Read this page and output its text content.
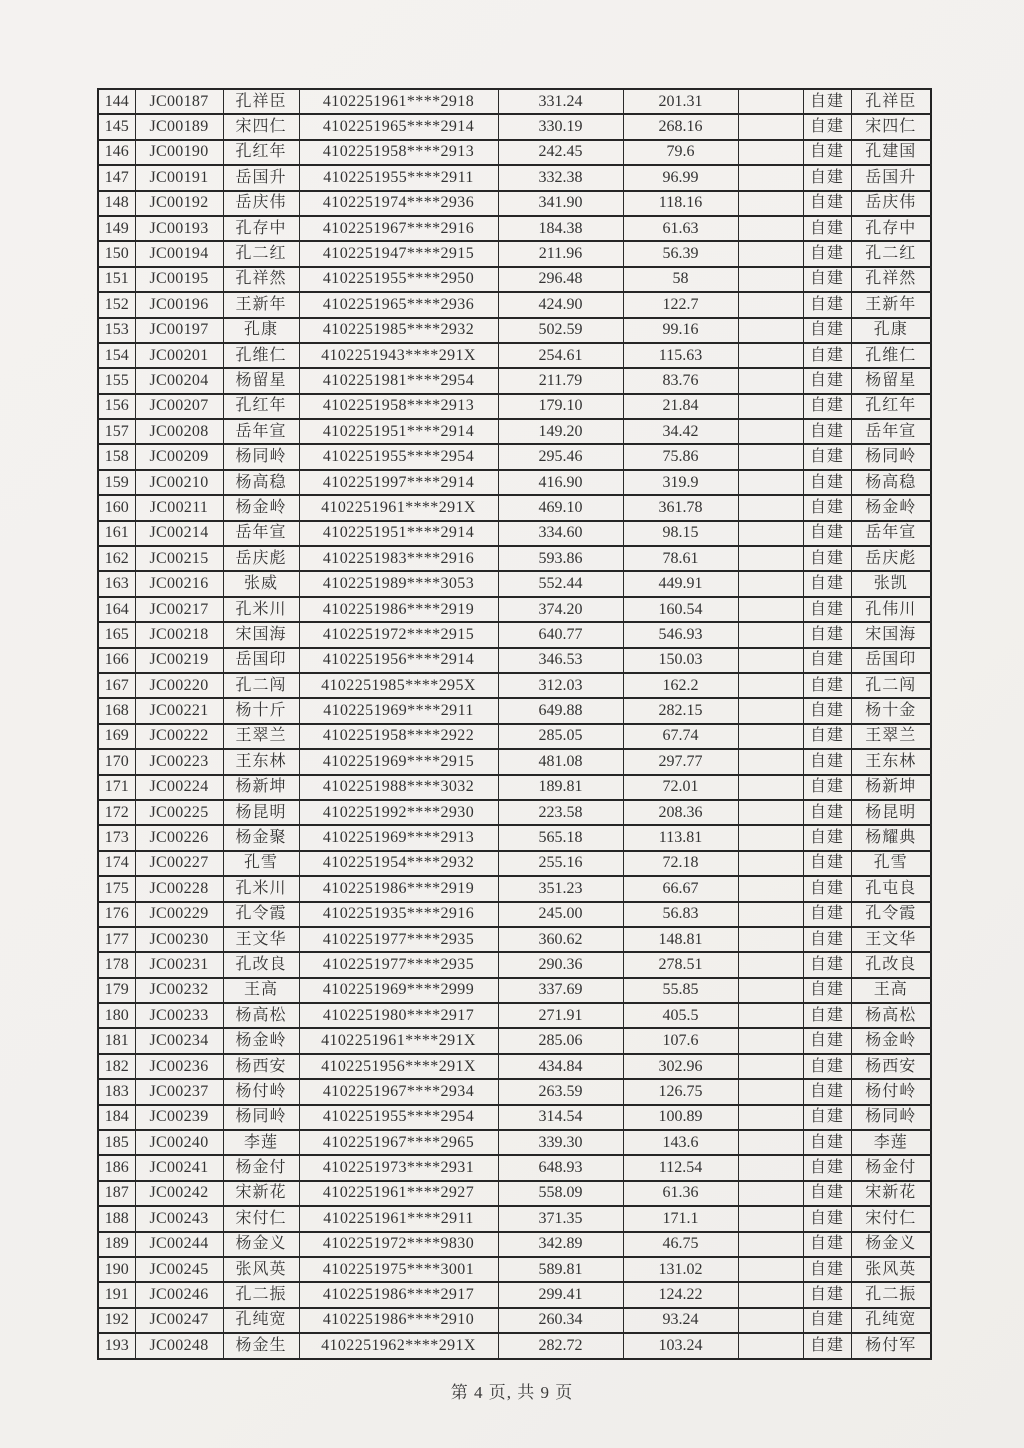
144	JC00187	孔祥臣	4102251961****2918	331.24	201.31		自建	孔祥臣
145	JC00189	宋四仁	4102251965****2914	330.19	268.16		自建	宋四仁
146	JC00190	孔红年	4102251958****2913	242.45	79.6		自建	孔建国
147	JC00191	岳国升	4102251955****2911	332.38	96.99		自建	岳国升
148	JC00192	岳庆伟	4102251974****2936	341.90	118.16		自建	岳庆伟
149	JC00193	孔存中	4102251967****2916	184.38	61.63		自建	孔存中
150	JC00194	孔二红	4102251947****2915	211.96	56.39		自建	孔二红
151	JC00195	孔祥然	4102251955****2950	296.48	58		自建	孔祥然
152	JC00196	王新年	4102251965****2936	424.90	122.7		自建	王新年
153	JC00197	孔康	4102251985****2932	502.59	99.16		自建	孔康
154	JC00201	孔维仁	4102251943****291X	254.61	115.63		自建	孔维仁
155	JC00204	杨留星	4102251981****2954	211.79	83.76		自建	杨留星
156	JC00207	孔红年	4102251958****2913	179.10	21.84		自建	孔红年
157	JC00208	岳年宣	4102251951****2914	149.20	34.42		自建	岳年宣
158	JC00209	杨同岭	4102251955****2954	295.46	75.86		自建	杨同岭
159	JC00210	杨高稳	4102251997****2914	416.90	319.9		自建	杨高稳
160	JC00211	杨金岭	4102251961****291X	469.10	361.78		自建	杨金岭
161	JC00214	岳年宣	4102251951****2914	334.60	98.15		自建	岳年宣
162	JC00215	岳庆彪	4102251983****2916	593.86	78.61		自建	岳庆彪
163	JC00216	张威	4102251989****3053	552.44	449.91		自建	张凯
164	JC00217	孔米川	4102251986****2919	374.20	160.54		自建	孔伟川
165	JC00218	宋国海	4102251972****2915	640.77	546.93		自建	宋国海
166	JC00219	岳国印	4102251956****2914	346.53	150.03		自建	岳国印
167	JC00220	孔二闯	4102251985****295X	312.03	162.2		自建	孔二闯
168	JC00221	杨十斤	4102251969****2911	649.88	282.15		自建	杨十金
169	JC00222	王翠兰	4102251958****2922	285.05	67.74		自建	王翠兰
170	JC00223	王东林	4102251969****2915	481.08	297.77		自建	王东林
171	JC00224	杨新坤	4102251988****3032	189.81	72.01		自建	杨新坤
172	JC00225	杨昆明	4102251992****2930	223.58	208.36		自建	杨昆明
173	JC00226	杨金聚	4102251969****2913	565.18	113.81		自建	杨耀典
174	JC00227	孔雪	4102251954****2932	255.16	72.18		自建	孔雪
175	JC00228	孔米川	4102251986****2919	351.23	66.67		自建	孔屯良
176	JC00229	孔令霞	4102251935****2916	245.00	56.83		自建	孔令霞
177	JC00230	王文华	4102251977****2935	360.62	148.81		自建	王文华
178	JC00231	孔改良	4102251977****2935	290.36	278.51		自建	孔改良
179	JC00232	王高	4102251969****2999	337.69	55.85		自建	王高
180	JC00233	杨高松	4102251980****2917	271.91	405.5		自建	杨高松
181	JC00234	杨金岭	4102251961****291X	285.06	107.6		自建	杨金岭
182	JC00236	杨西安	4102251956****291X	434.84	302.96		自建	杨西安
183	JC00237	杨付岭	4102251967****2934	263.59	126.75		自建	杨付岭
184	JC00239	杨同岭	4102251955****2954	314.54	100.89		自建	杨同岭
185	JC00240	李莲	4102251967****2965	339.30	143.6		自建	李莲
186	JC00241	杨金付	4102251973****2931	648.93	112.54		自建	杨金付
187	JC00242	宋新花	4102251961****2927	558.09	61.36		自建	宋新花
188	JC00243	宋付仁	4102251961****2911	371.35	171.1		自建	宋付仁
189	JC00244	杨金义	4102251972****9830	342.89	46.75		自建	杨金义
190	JC00245	张风英	4102251975****3001	589.81	131.02		自建	张风英
191	JC00246	孔二振	4102251986****2917	299.41	124.22		自建	孔二振
192	JC00247	孔纯宽	4102251986****2910	260.34	93.24		自建	孔纯宽
193	JC00248	杨金生	4102251962****291X	282.72	103.24		自建	杨付军
第 4 页, 共 9 页
